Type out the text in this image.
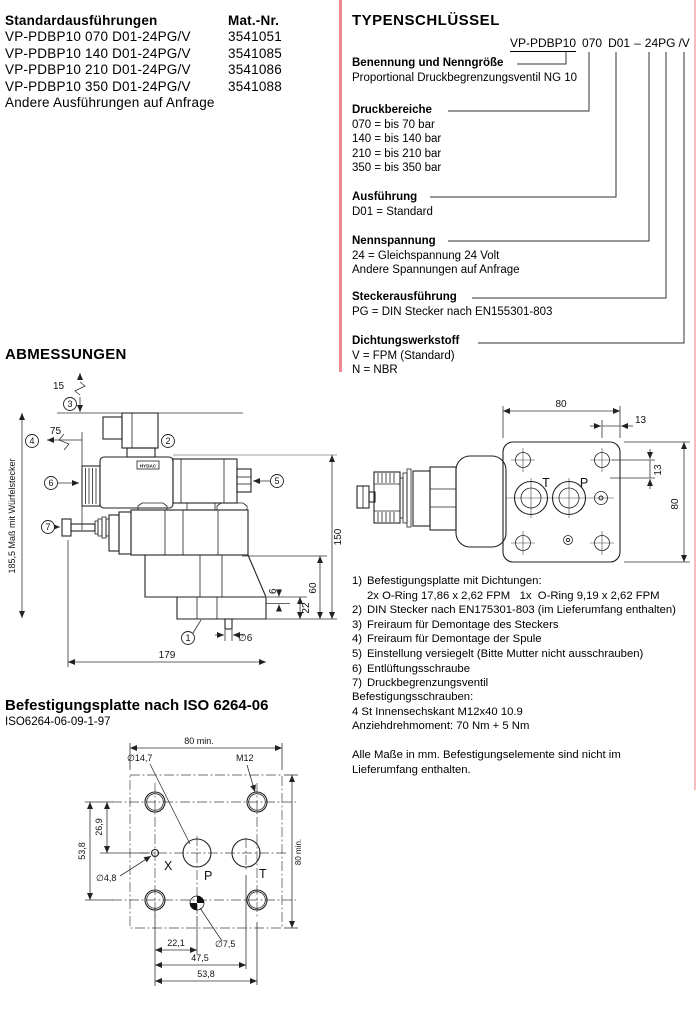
Standardausführungen	Mat.-Nr.
VP-PDBP10 070 D01-24PG/V	3541051
VP-PDBP10 140 D01-24PG/V	3541085
VP-PDBP10 210 D01-24PG/V	3541086
VP-PDBP10 350 D01-24PG/V	3541088
Andere Ausführungen auf Anfrage
TYPENSCHLÜSSEL
VP-PDBP10 070 D01 – 24PG /V
Benennung und Nenngröße
Proportional Druckbegrenzungsventil NG 10
Druckbereiche
070 = bis 70 bar
140 = bis 140 bar
210 = bis 210 bar
350 = bis 350 bar
Ausführung
D01 = Standard
Nennspannung
24 = Gleichspannung 24 Volt
Andere Spannungen auf Anfrage
Steckerausführung
PG = DIN Stecker nach EN155301-803
Dichtungswerkstoff
V = FPM (Standard)
N = NBR
ABMESSUNGEN
HYDAC
15
185,5 Maß mit Würfelstecker
75
179
150
60
22
6
∅6
3
4	2
6	5
7
1
T P
80
13
13
80
1) Befestigungsplatte mit Dichtungen:
2x O-Ring 17,86 x 2,62 FPM   1x  O-Ring 9,19 x 2,62 FPM
2) DIN Stecker nach EN175301-803 (im Lieferumfang enthalten)
3) Freiraum für Demontage des Steckers
4) Freiraum für Demontage der Spule
5) Einstellung versiegelt (Bitte Mutter nicht ausschrauben)
6) Entlüftungsschraube
7) Druckbegrenzungsventil
Befestigungsschrauben:
4 St Innensechskant M12x40 10.9
Anziehdrehmoment: 70 Nm + 5 Nm
Alle Maße in mm. Befestigungselemente sind nicht im
Lieferumfang enthalten.
Befestigungsplatte nach ISO 6264-06
ISO6264-06-09-1-97
X
P	T
80 min.
∅14,7	M12
26,9
53,8
∅4,8
80 min.
22,1	∅7,5
47,5
53,8
